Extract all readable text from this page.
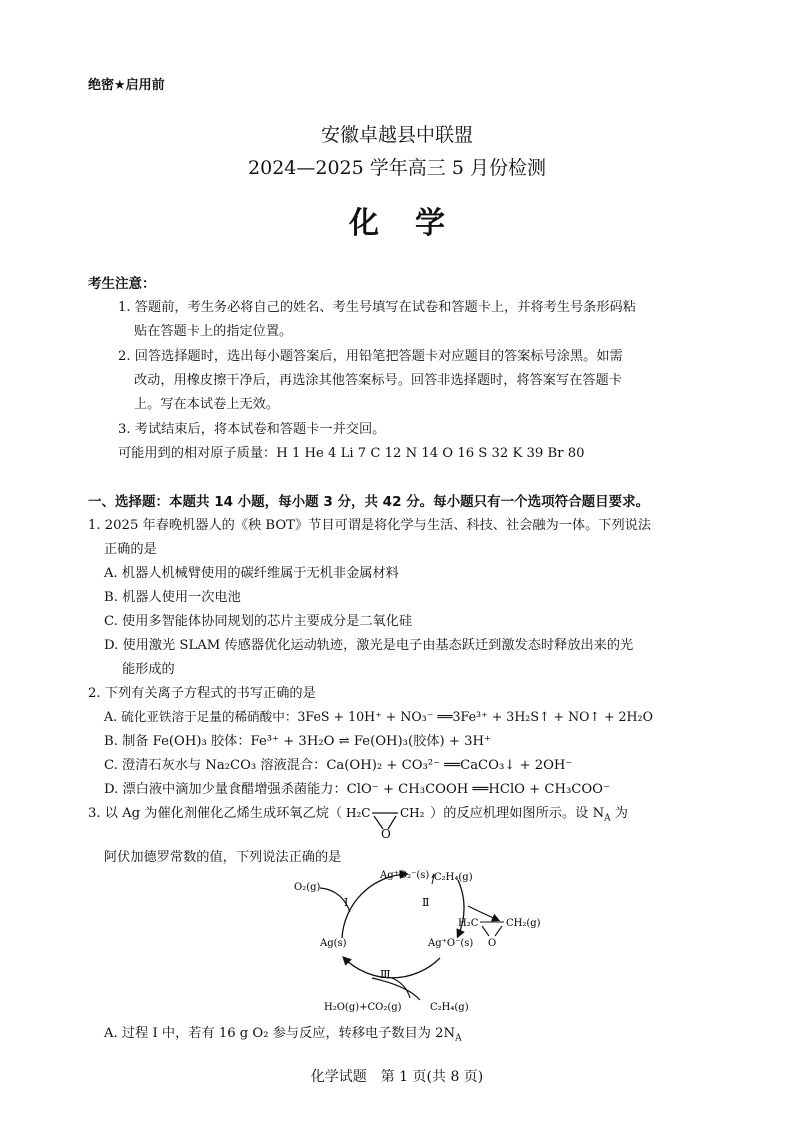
绝密★启用前
安徽卓越县中联盟
2024—2025 学年高三 5 月份检测
化学
考生注意：
1. 答题前，考生务必将自己的姓名、考生号填写在试卷和答题卡上，并将考生号条形码粘
贴在答题卡上的指定位置。
2. 回答选择题时，选出每小题答案后，用铅笔把答题卡对应题目的答案标号涂黑。如需
改动，用橡皮擦干净后，再选涂其他答案标号。回答非选择题时，将答案写在答题卡
上。写在本试卷上无效。
3. 考试结束后，将本试卷和答题卡一并交回。
可能用到的相对原子质量：H 1 He 4 Li 7 C 12 N 14 O 16 S 32 K 39 Br 80
一、选择题：本题共 14 小题，每小题 3 分，共 42 分。每小题只有一个选项符合题目要求。
1. 2025 年春晚机器人的《秧 BOT》节目可谓是将化学与生活、科技、社会融为一体。下列说法
正确的是
A. 机器人机械臂使用的碳纤维属于无机非金属材料
B. 机器人使用一次电池
C. 使用多智能体协同规划的芯片主要成分是二氧化硅
D. 使用激光 SLAM 传感器优化运动轨迹，激光是电子由基态跃迁到激发态时释放出来的光
能形成的
2. 下列有关离子方程式的书写正确的是
A. 硫化亚铁溶于足量的稀硝酸中：3FeS + 10H⁺ + NO₃⁻ ══3Fe³⁺ + 3H₂S↑ + NO↑ + 2H₂O
B. 制备 Fe(OH)₃ 胶体：Fe³⁺ + 3H₂O ⇌ Fe(OH)₃(胶体) + 3H⁺
C. 澄清石灰水与 Na₂CO₃ 溶液混合：Ca(OH)₂ + CO₃²⁻ ══CaCO₃↓ + 2OH⁻
D. 漂白液中滴加少量食醋增强杀菌能力：ClO⁻ + CH₃COOH ══HClO + CH₃COO⁻
3. 以 Ag 为催化剂催化乙烯生成环氧乙烷（ H₂C CH₂
O
）的反应机理如图所示。设 $N_A$ 为
阿伏加德罗常数的值，下列说法正确的是
Ag⁺O₂⁻(s)
Ag⁺O⁻(s)
Ag(s)
O₂(g)
C₂H₄(g)
C₂H₄(g)
H₂O(g)+CO₂(g)
Ⅰ	Ⅱ
Ⅲ
H₂C	CH₂(g)
O
A. 过程 Ⅰ 中，若有 16 g O₂ 参与反应，转移电子数目为 $2N_A$
化学试题　第 1 页(共 8 页)
